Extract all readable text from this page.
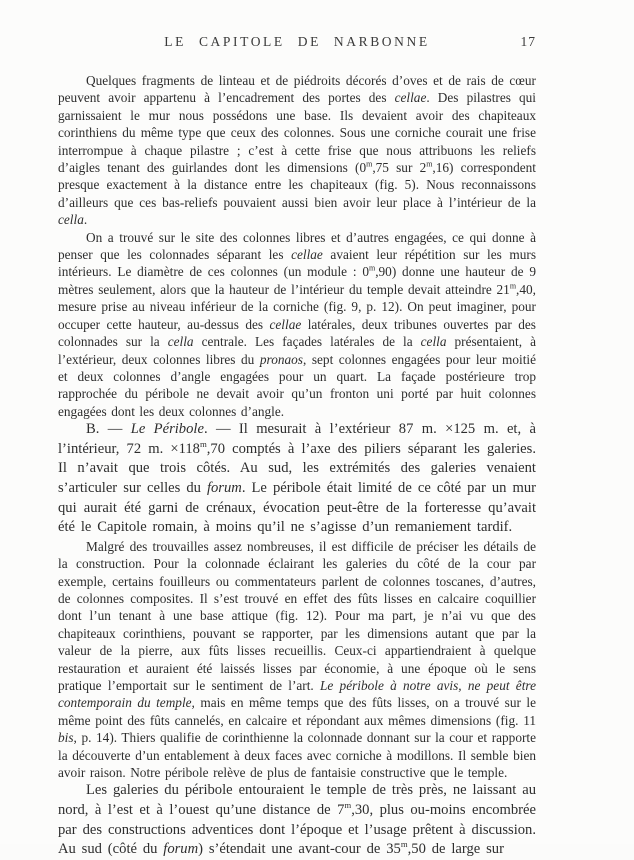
LE CAPITOLE DE NARBONNE	17

Quelques fragments de linteau et de piédroits décorés d’oves et de rais de cœur peuvent avoir appartenu à l’encadrement des portes des cellae. Des pilastres qui garnissaient le mur nous possédons une base. Ils devaient avoir des chapiteaux corinthiens du même type que ceux des colonnes. Sous une corniche courait une frise interrompue à chaque pilastre ; c’est à cette frise que nous attribuons les reliefs d’aigles tenant des guirlandes dont les dimensions (0$^m$,75 sur 2$^m$,16) correspondent presque exactement à la distance entre les chapiteaux (fig. 5). Nous reconnaissons d’ailleurs que ces bas-reliefs pouvaient aussi bien avoir leur place à l’intérieur de la cella.

On a trouvé sur le site des colonnes libres et d’autres engagées, ce qui donne à penser que les colonnades séparant les cellae avaient leur répétition sur les murs intérieurs. Le diamètre de ces colonnes (un module : 0$^m$,90) donne une hauteur de 9 mètres seulement, alors que la hauteur de l’intérieur du temple devait atteindre 21$^m$,40, mesure prise au niveau inférieur de la corniche (fig. 9, p. 12). On peut imaginer, pour occuper cette hauteur, au-dessus des cellae latérales, deux tribunes ouvertes par des colonnades sur la cella centrale. Les façades latérales de la cella présentaient, à l’extérieur, deux colonnes libres du pronaos, sept colonnes engagées pour leur moitié et deux colonnes d’angle engagées pour un quart. La façade postérieure trop rapprochée du péribole ne devait avoir qu’un fronton uni porté par huit colonnes engagées dont les deux colonnes d’angle.

B. — Le Péribole. — Il mesurait à l’extérieur 87 m. ×125 m. et, à l’intérieur, 72 m. $\times 118^m,70$ comptés à l’axe des piliers séparant les galeries. Il n’avait que trois côtés. Au sud, les extrémités des galeries venaient s’articuler sur celles du forum. Le péribole était limité de ce côté par un mur qui aurait été garni de crénaux, évocation peut-être de la forteresse qu’avait été le Capitole romain, à moins qu’il ne s’agisse d’un remaniement tardif.

Malgré des trouvailles assez nombreuses, il est difficile de préciser les détails de la construction. Pour la colonnade éclairant les galeries du côté de la cour par exemple, certains fouilleurs ou commentateurs parlent de colonnes toscanes, d’autres, de colonnes composites. Il s’est trouvé en effet des fûts lisses en calcaire coquillier dont l’un tenant à une base attique (fig. 12). Pour ma part, je n’ai vu que des chapiteaux corinthiens, pouvant se rapporter, par les dimensions autant que par la valeur de la pierre, aux fûts lisses recueillis. Ceux-ci appartiendraient à quelque restauration et auraient été laissés lisses par économie, à une époque où le sens pratique l’emportait sur le sentiment de l’art. Le péribole à notre avis, ne peut être contemporain du temple, mais en même temps que des fûts lisses, on a trouvé sur le même point des fûts cannelés, en calcaire et répondant aux mêmes dimensions (fig. 11 bis, p. 14). Thiers qualifie de corinthienne la colonnade donnant sur la cour et rapporte la découverte d’un entablement à deux faces avec corniche à modillons. Il semble bien avoir raison. Notre péribole relève de plus de fantaisie constructive que le temple.

Les galeries du péribole entouraient le temple de très près, ne laissant au nord, à l’est et à l’ouest qu’une distance de 7$^m$,30, plus ou-moins encombrée par des constructions adventices dont l’époque et l’usage prêtent à discussion. Au sud (côté du forum) s’étendait une avant-cour de 35$^m$,50 de large sur
